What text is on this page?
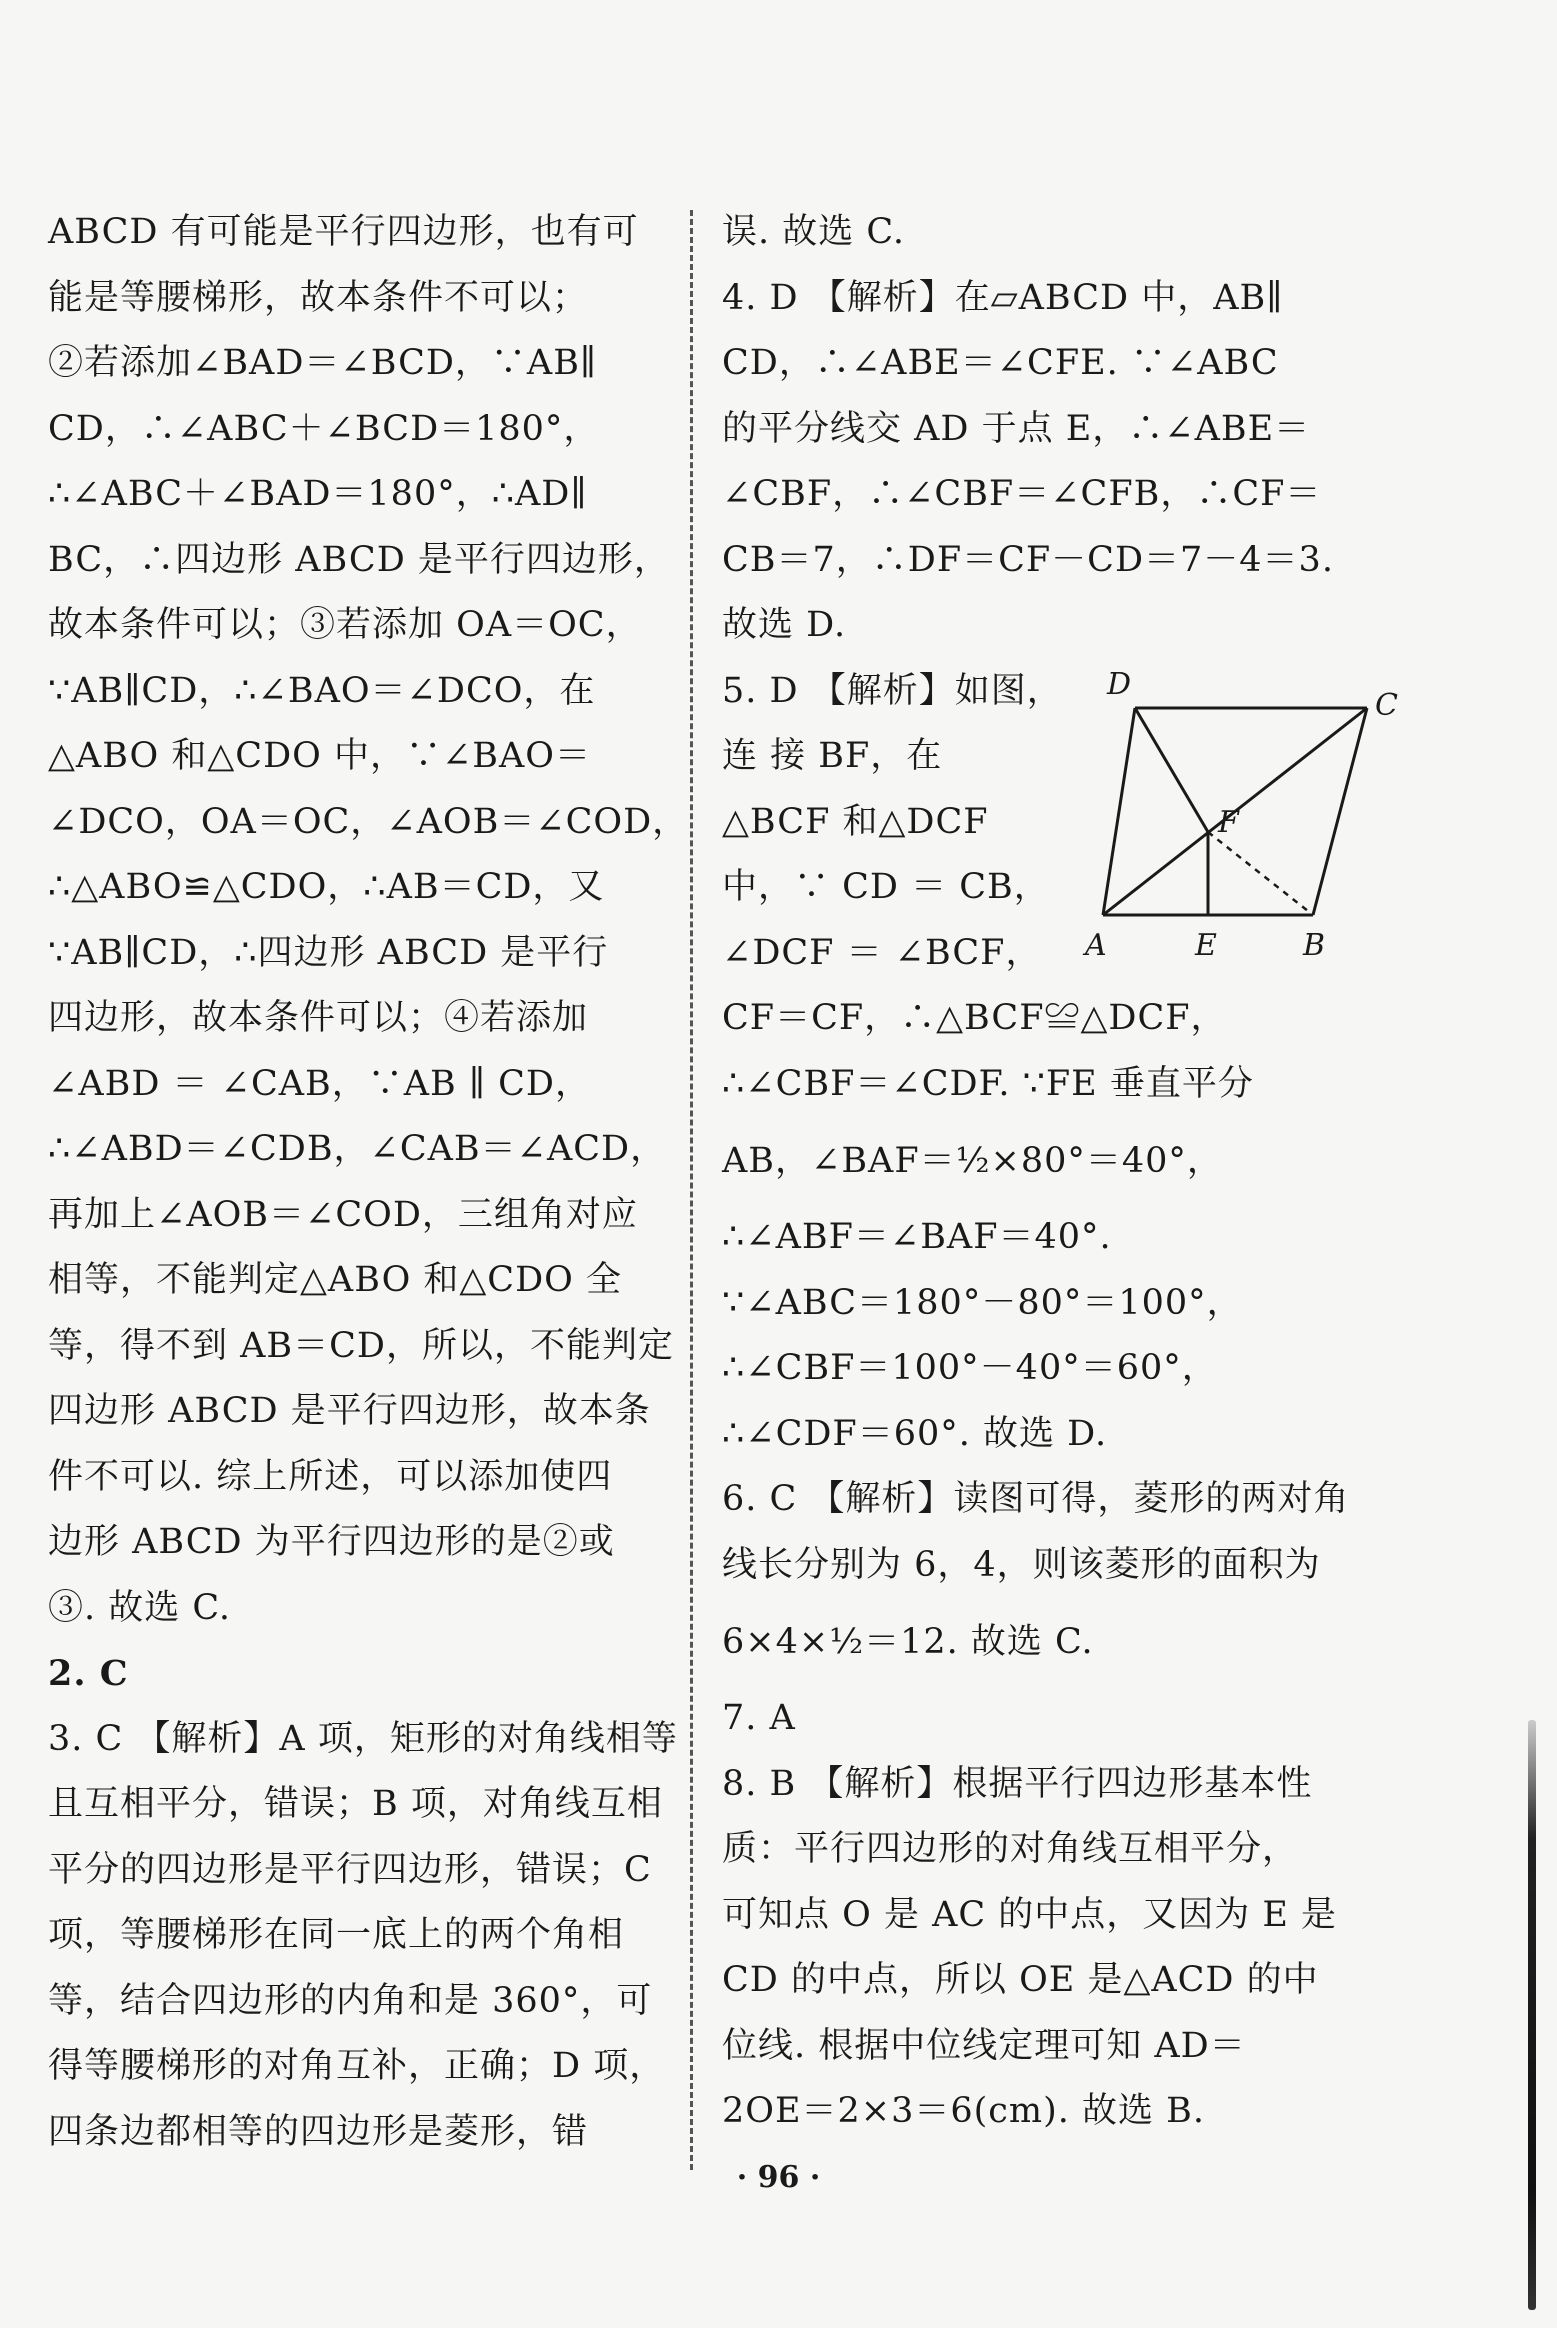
ABCD 有可能是平行四边形，也有可
能是等腰梯形，故本条件不可以；
②若添加∠BAD＝∠BCD，∵AB∥
CD，∴∠ABC＋∠BCD＝180°，
∴∠ABC＋∠BAD＝180°，∴AD∥
BC，∴四边形 ABCD 是平行四边形，
故本条件可以；③若添加 OA＝OC，
∵AB∥CD，∴∠BAO＝∠DCO，在
△ABO 和△CDO 中，∵∠BAO＝
∠DCO，OA＝OC，∠AOB＝∠COD，
∴△ABO≌△CDO，∴AB＝CD，又
∵AB∥CD，∴四边形 ABCD 是平行
四边形，故本条件可以；④若添加
∠ABD ＝ ∠CAB，∵AB ∥ CD，
∴∠ABD＝∠CDB，∠CAB＝∠ACD，
再加上∠AOB＝∠COD，三组角对应
相等，不能判定△ABO 和△CDO 全
等，得不到 AB＝CD，所以，不能判定
四边形 ABCD 是平行四边形，故本条
件不可以. 综上所述，可以添加使四
边形 ABCD 为平行四边形的是②或
③. 故选 C.
2. C
3. C 【解析】A 项，矩形的对角线相等
且互相平分，错误；B 项，对角线互相
平分的四边形是平行四边形，错误；C
项，等腰梯形在同一底上的两个角相
等，结合四边形的内角和是 360°，可
得等腰梯形的对角互补，正确；D 项，
四条边都相等的四边形是菱形，错
误. 故选 C.
4. D 【解析】在▱ABCD 中，AB∥
CD，∴∠ABE＝∠CFE. ∵∠ABC
的平分线交 AD 于点 E，∴∠ABE＝
∠CBF，∴∠CBF＝∠CFB，∴CF＝
CB＝7，∴DF＝CF－CD＝7－4＝3.
故选 D.
5. D 【解析】如图，
连 接 BF，在
△BCF 和△DCF
中，∵ CD ＝ CB，
∠DCF ＝ ∠BCF，
CF＝CF，∴△BCF≌△DCF，
∴∠CBF＝∠CDF. ∵FE 垂直平分
AB，∠BAF＝½×80°＝40°，
∴∠ABF＝∠BAF＝40°.
∵∠ABC＝180°－80°＝100°，
∴∠CBF＝100°－40°＝60°，
∴∠CDF＝60°. 故选 D.
6. C 【解析】读图可得，菱形的两对角
线长分别为 6，4，则该菱形的面积为
6×4×½＝12. 故选 C.
7. A
8. B 【解析】根据平行四边形基本性
质：平行四边形的对角线互相平分，
可知点 O 是 AC 的中点，又因为 E 是
CD 的中点，所以 OE 是△ACD 的中
位线. 根据中位线定理可知 AD＝
2OE＝2×3＝6(cm). 故选 B.
D
C
F
A	E	B
· 96 ·
